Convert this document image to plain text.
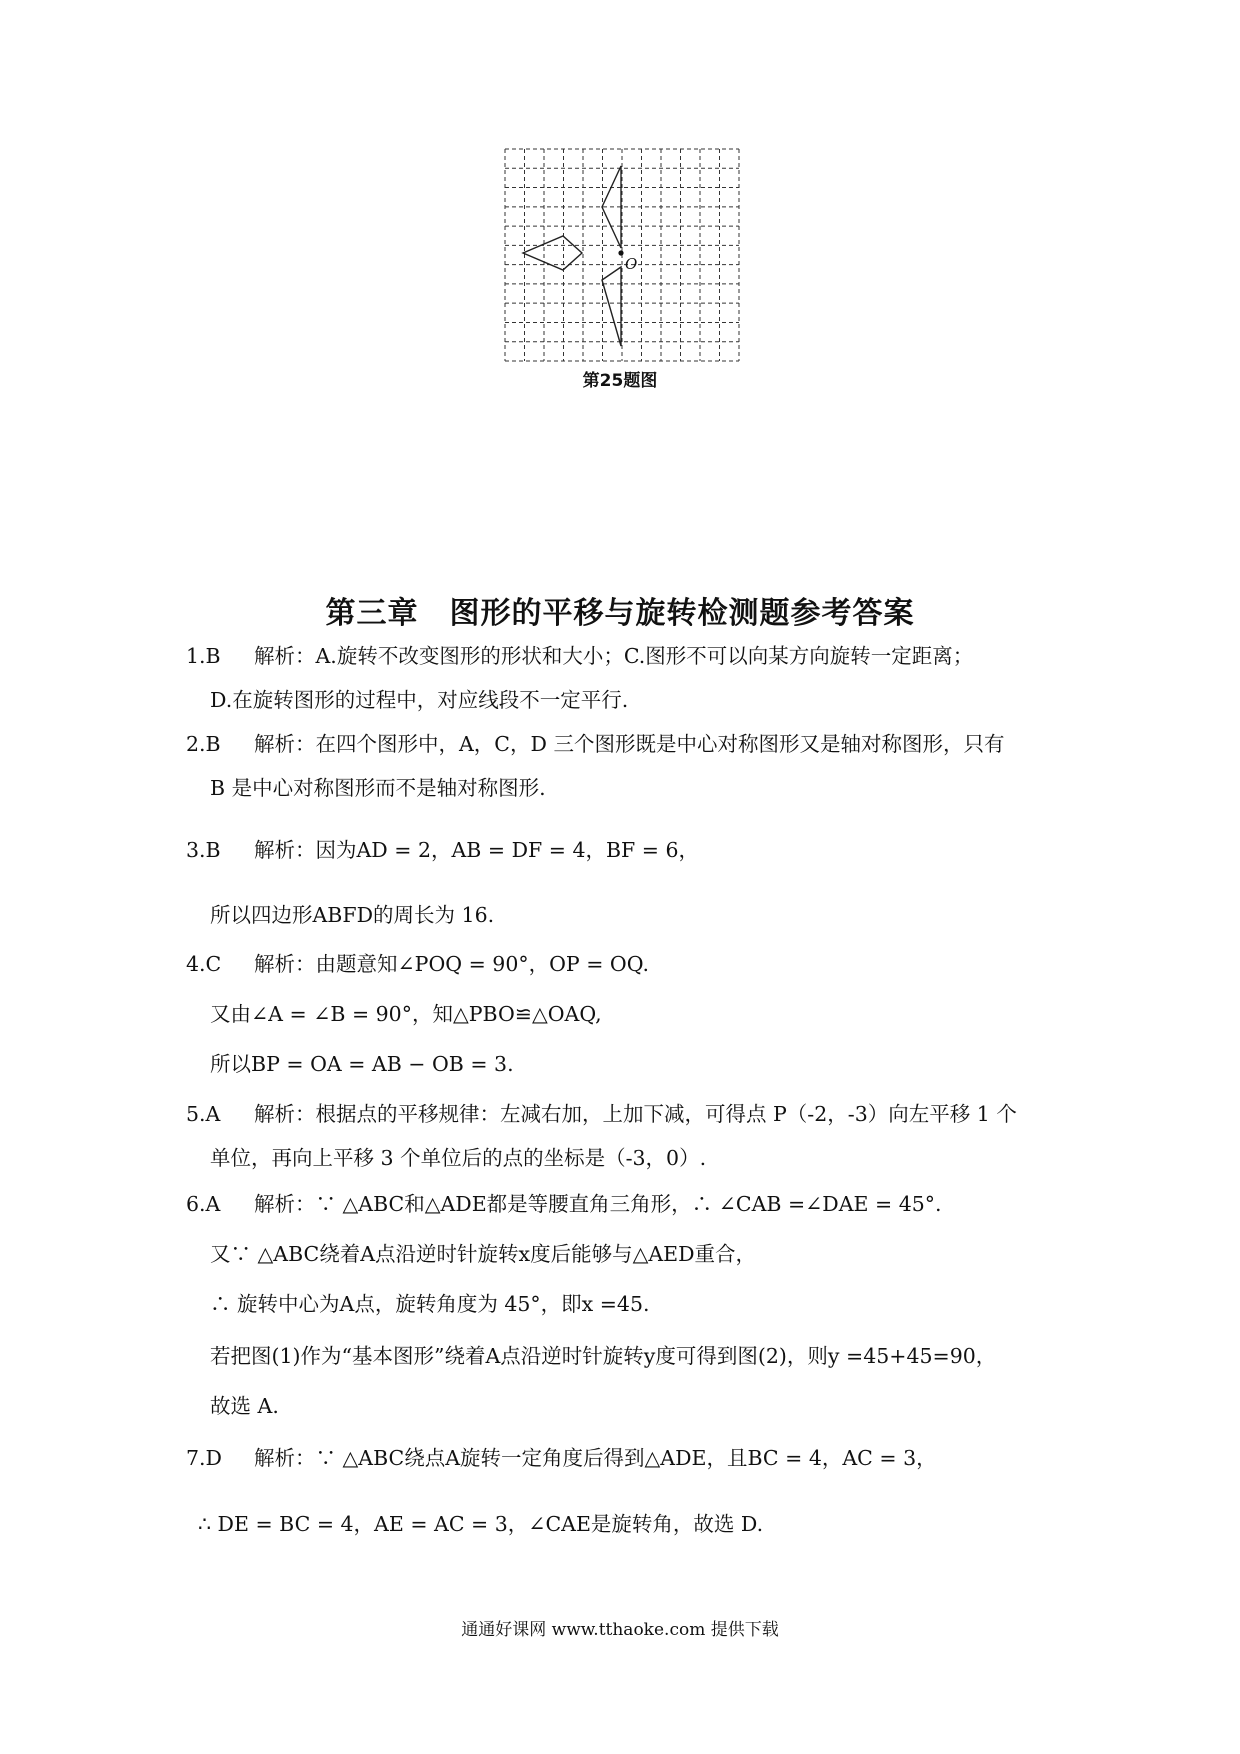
O
第25题图
第三章　图形的平移与旋转检测题参考答案
1.B 解析：A.旋转不改变图形的形状和大小；C.图形不可以向某方向旋转一定距离；
D.在旋转图形的过程中，对应线段不一定平行.
2.B 解析：在四个图形中，A，C，D 三个图形既是中心对称图形又是轴对称图形，只有
B 是中心对称图形而不是轴对称图形.
3.B 解析：因为AD = 2，AB = DF = 4，BF = 6，
所以四边形ABFD的周长为 16.
4.C 解析：由题意知∠POQ = 90°，OP = OQ.
又由∠A = ∠B = 90°，知△PBO≌△OAQ,
所以BP = OA = AB − OB = 3.
5.A 解析：根据点的平移规律：左减右加，上加下减，可得点 P（-2，-3）向左平移 1 个
单位，再向上平移 3 个单位后的点的坐标是（-3，0）.
6.A 解析：∵ △ABC和△ADE都是等腰直角三角形，∴ ∠CAB =∠DAE = 45°.
又∵ △ABC绕着A点沿逆时针旋转x度后能够与△AED重合，
∴ 旋转中心为A点，旋转角度为 45°，即x =45.
若把图(1)作为“基本图形”绕着A点沿逆时针旋转y度可得到图(2)，则y =45+45=90，
故选 A.
7.D 解析：∵ △ABC绕点A旋转一定角度后得到△ADE，且BC = 4，AC = 3，
∴ DE = BC = 4，AE = AC = 3，∠CAE是旋转角，故选 D.
通通好课网 www.tthaoke.com 提供下载
